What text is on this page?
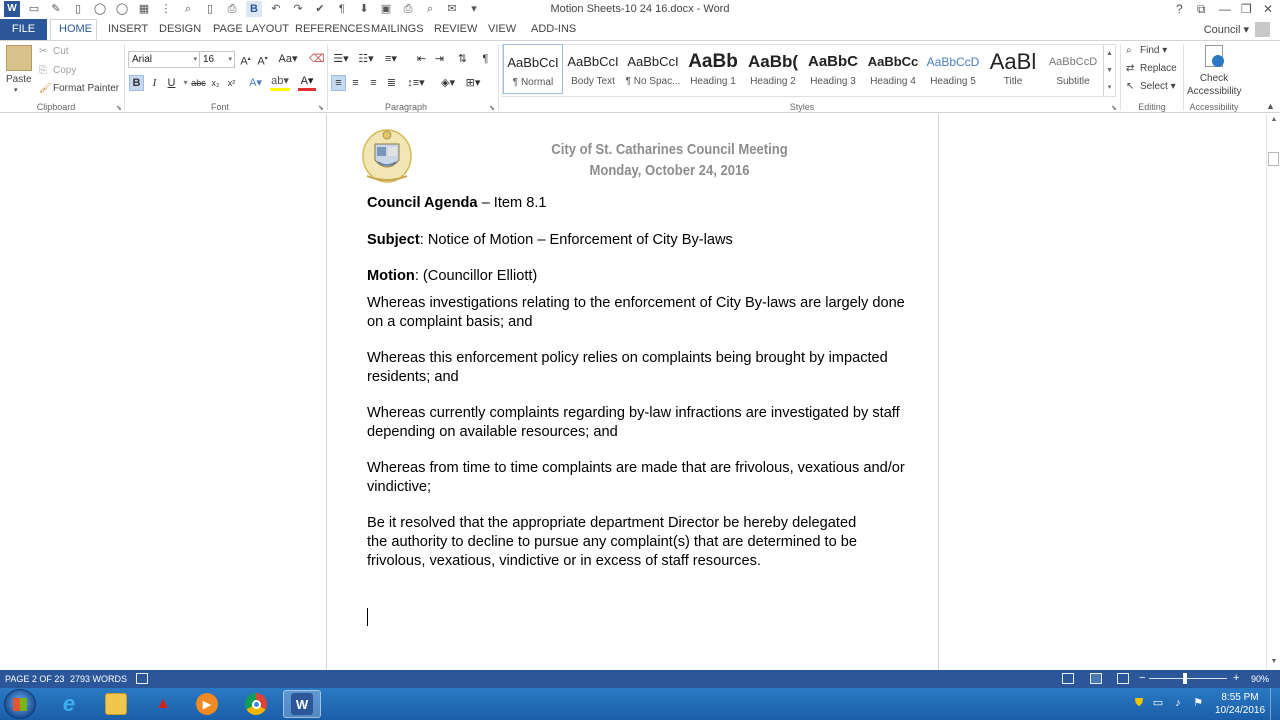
W ▭	✎	▯	◯ ◯ ▦ ⋮	⌕	▯	⎙	B	↶	↷	✔	¶	⬇	▣	⎙	⌕	✉	▾	Motion Sheets-10 24 16.docx - Word	? ⧉ — ❐ ✕
FILE	HOME INSERT DESIGN PAGE LAYOUT REFERENCES MAILINGS REVIEW VIEW ADD-INS	Council ▾
Paste
▾
✂ Cut
⎘ Copy
🖌 Format Painter
Clipboard	⬊
Arial	▾ 16 ▾ A▴ A▾ Aa▾ ⌫
B	I	U	▾ abc x₂ x²	A▾ ab▾ A▾
Font	⬊
☰▾ ☷▾ ≡▾ ⇤ ⇥ ⇅	¶
≡ ≡	≡ ≣ ↕≡▾ ◈▾ ⊞▾
Paragraph	⬊
AaBbCcI
¶ Normal
AaBbCcI
Body Text
AaBbCcI
¶ No Spac...
AaBb
Heading 1
AaBb(
Heading 2
AaBbC
Heading 3
AaBbCc
Heading 4
AaBbCcD
Heading 5
AaBl
Title
AaBbCcD
Subtitle
▲
▼
▾
Styles	⬊
⌕ Find ▾
⇄ Replace
↖ Select ▾
Editing
Check
Accessibility
Accessibility	▲
City of St. Catharines Council Meeting
Monday, October 24, 2016
Council Agenda – Item 8.1
Subject: Notice of Motion – Enforcement of City By-laws
Motion: (Councillor Elliott)
Whereas investigations relating to the enforcement of City By-laws are largely done on a complaint basis; and
Whereas this enforcement policy relies on complaints being brought by impacted residents; and
Whereas currently complaints regarding by-law infractions are investigated by staff depending on available resources; and
Whereas from time to time complaints are made that are frivolous, vexatious and/or vindictive;
Be it resolved that the appropriate department Director be hereby delegated the authority to decline to pursue any complaint(s) that are determined to be frivolous, vexatious, vindictive or in excess of staff resources.
▲
▼
PAGE 2 OF 23 2793 WORDS	−	+ 90%
e	▲	▶	W	⛊ ▭ ♪ ⚑	8:55 PM
10/24/2016
